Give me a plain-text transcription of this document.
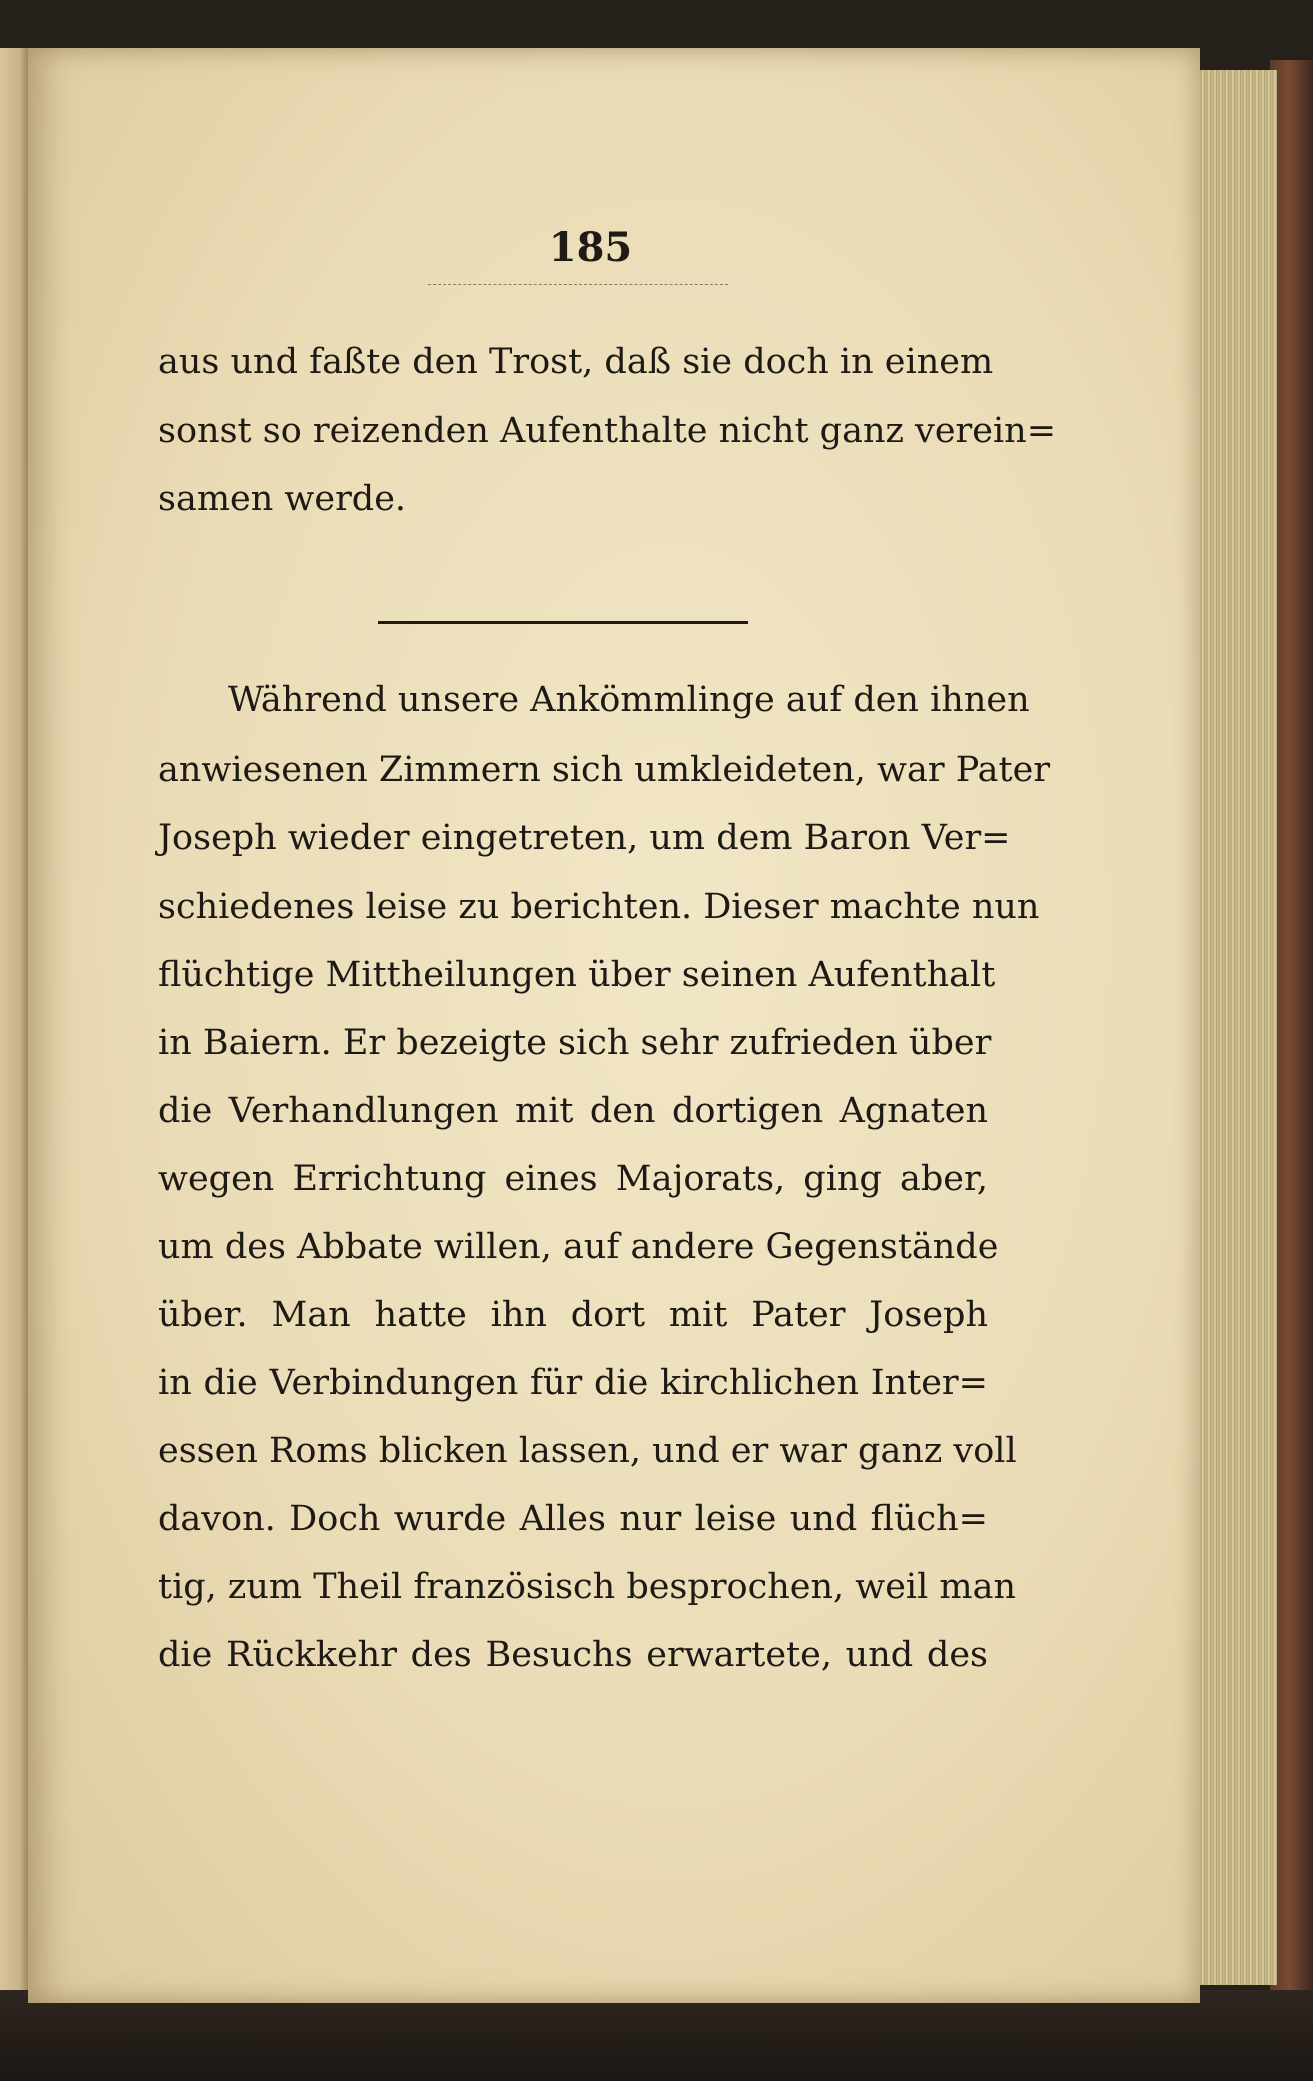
185
aus und faßte den Trost, daß sie doch in einem
sonst so reizenden Aufenthalte nicht ganz verein=
samen werde.
Während unsere Ankömmlinge auf den ihnen
anwiesenen Zimmern sich umkleideten, war Pater
Joseph wieder eingetreten, um dem Baron Ver=
schiedenes leise zu berichten. Dieser machte nun
flüchtige Mittheilungen über seinen Aufenthalt
in Baiern. Er bezeigte sich sehr zufrieden über
die Verhandlungen mit den dortigen Agnaten
wegen Errichtung eines Majorats, ging aber,
um des Abbate willen, auf andere Gegenstände
über. Man hatte ihn dort mit Pater Joseph
in die Verbindungen für die kirchlichen Inter=
essen Roms blicken lassen, und er war ganz voll
davon. Doch wurde Alles nur leise und flüch=
tig, zum Theil französisch besprochen, weil man
die Rückkehr des Besuchs erwartete, und des
